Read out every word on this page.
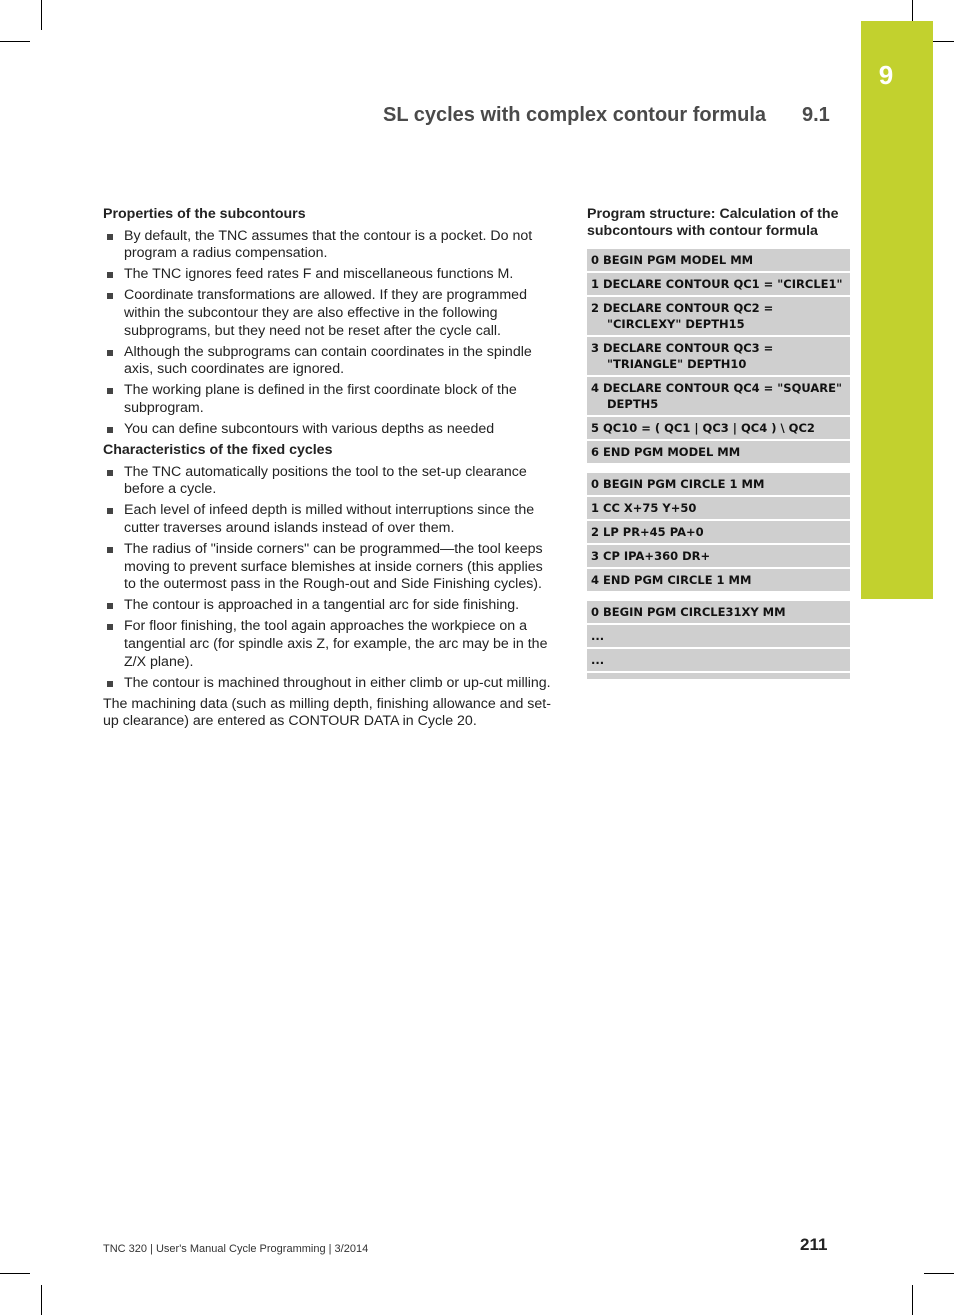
9
SL cycles with complex contour formula 9.1
Properties of the subcontours
By default, the TNC assumes that the contour is a pocket. Do not program a radius compensation.
The TNC ignores feed rates F and miscellaneous functions M.
Coordinate transformations are allowed. If they are programmed within the subcontour they are also effective in the following subprograms, but they need not be reset after the cycle call.
Although the subprograms can contain coordinates in the spindle axis, such coordinates are ignored.
The working plane is defined in the first coordinate block of the subprogram.
You can define subcontours with various depths as needed
Characteristics of the fixed cycles
The TNC automatically positions the tool to the set-up clearance before a cycle.
Each level of infeed depth is milled without interruptions since the cutter traverses around islands instead of over them.
The radius of "inside corners" can be programmed—the tool keeps moving to prevent surface blemishes at inside corners (this applies to the outermost pass in the Rough-out and Side Finishing cycles).
The contour is approached in a tangential arc for side finishing.
For floor finishing, the tool again approaches the workpiece on a tangential arc (for spindle axis Z, for example, the arc may be in the Z/X plane).
The contour is machined throughout in either climb or up-cut milling.

The machining data (such as milling depth, finishing allowance and set-up clearance) are entered as CONTOUR DATA in Cycle 20.

Program structure: Calculation of the subcontours with contour formula
0 BEGIN PGM MODEL MM
1 DECLARE CONTOUR QC1 = "CIRCLE1"
2 DECLARE CONTOUR QC2 = "CIRCLEXY" DEPTH15
3 DECLARE CONTOUR QC3 = "TRIANGLE" DEPTH10
4 DECLARE CONTOUR QC4 = "SQUARE" DEPTH5
5 QC10 = ( QC1 | QC3 | QC4 ) \ QC2
6 END PGM MODEL MM
0 BEGIN PGM CIRCLE 1 MM
1 CC X+75 Y+50
2 LP PR+45 PA+0
3 CP IPA+360 DR+
4 END PGM CIRCLE 1 MM
0 BEGIN PGM CIRCLE31XY MM
...
...
TNC 320 | User's Manual Cycle Programming | 3/2014	211
